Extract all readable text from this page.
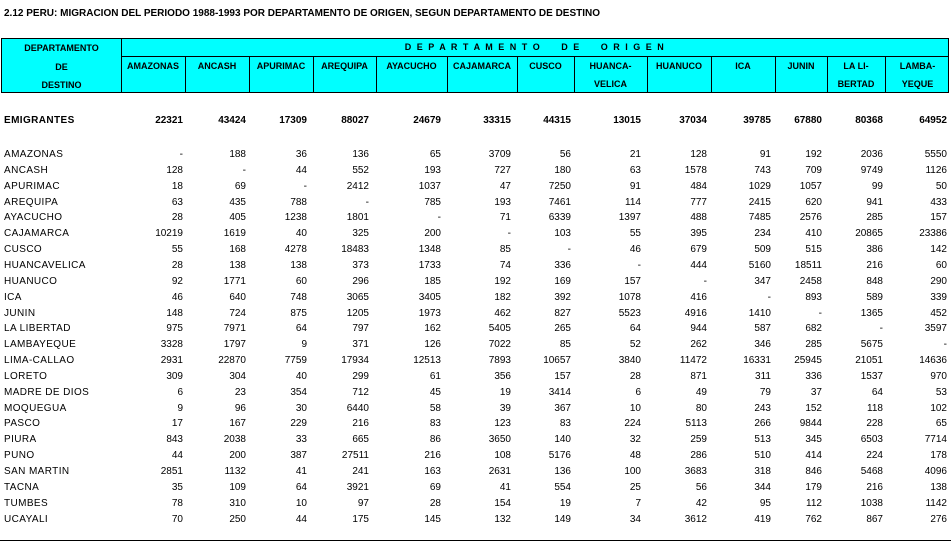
2.12 PERU: MIGRACION DEL PERIODO 1988-1993 POR DEPARTAMENTO DE ORIGEN, SEGUN DEPARTAMENTO DE DESTINO
DEPARTAMENTO
DE
DESTINO
D E P A R T A M E N T O     D E     O R I G E N
AMAZONAS	ANCASH	APURIMAC	AREQUIPA	AYACUCHO	CAJAMARCA	CUSCO	HUANCA-
VELICA
HUANUCO	ICA	JUNIN	LA LI-
BERTAD
LAMBA-
YEQUE
EMIGRANTES	22321	43424	17309	88027	24679	33315	44315	13015	37034	39785 67880	80368	64952
AMAZONAS	-	188	36	136	65	3709	56	21	128	91	192	2036	5550
ANCASH	128	-	44	552	193	727	180	63	1578	743	709	9749	1126
APURIMAC	18	69	-	2412	1037	47	7250	91	484	1029	1057	99	50
AREQUIPA	63	435	788	-	785	193	7461	114	777	2415	620	941	433
AYACUCHO	28	405	1238	1801	-	71	6339	1397	488	7485	2576	285	157
CAJAMARCA	10219	1619	40	325	200	-	103	55	395	234	410	20865	23386
CUSCO	55	168	4278	18483	1348	85	-	46	679	509	515	386	142
HUANCAVELICA	28	138	138	373	1733	74	336	-	444	5160 18511	216	60
HUANUCO	92	1771	60	296	185	192	169	157	-	347	2458	848	290
ICA	46	640	748	3065	3405	182	392	1078	416	-	893	589	339
JUNIN	148	724	875	1205	1973	462	827	5523	4916	1410	-	1365	452
LA LIBERTAD	975	7971	64	797	162	5405	265	64	944	587	682	-	3597
LAMBAYEQUE	3328	1797	9	371	126	7022	85	52	262	346	285	5675	-
LIMA-CALLAO	2931	22870	7759	17934	12513	7893	10657	3840	11472	16331 25945	21051	14636
LORETO	309	304	40	299	61	356	157	28	871	311	336	1537	970
MADRE DE DIOS	6	23	354	712	45	19	3414	6	49	79	37	64	53
MOQUEGUA	9	96	30	6440	58	39	367	10	80	243	152	118	102
PASCO	17	167	229	216	83	123	83	224	5113	266	9844	228	65
PIURA	843	2038	33	665	86	3650	140	32	259	513	345	6503	7714
PUNO	44	200	387	27511	216	108	5176	48	286	510	414	224	178
SAN MARTIN	2851	1132	41	241	163	2631	136	100	3683	318	846	5468	4096
TACNA	35	109	64	3921	69	41	554	25	56	344	179	216	138
TUMBES	78	310	10	97	28	154	19	7	42	95	112	1038	1142
UCAYALI	70	250	44	175	145	132	149	34	3612	419	762	867	276
